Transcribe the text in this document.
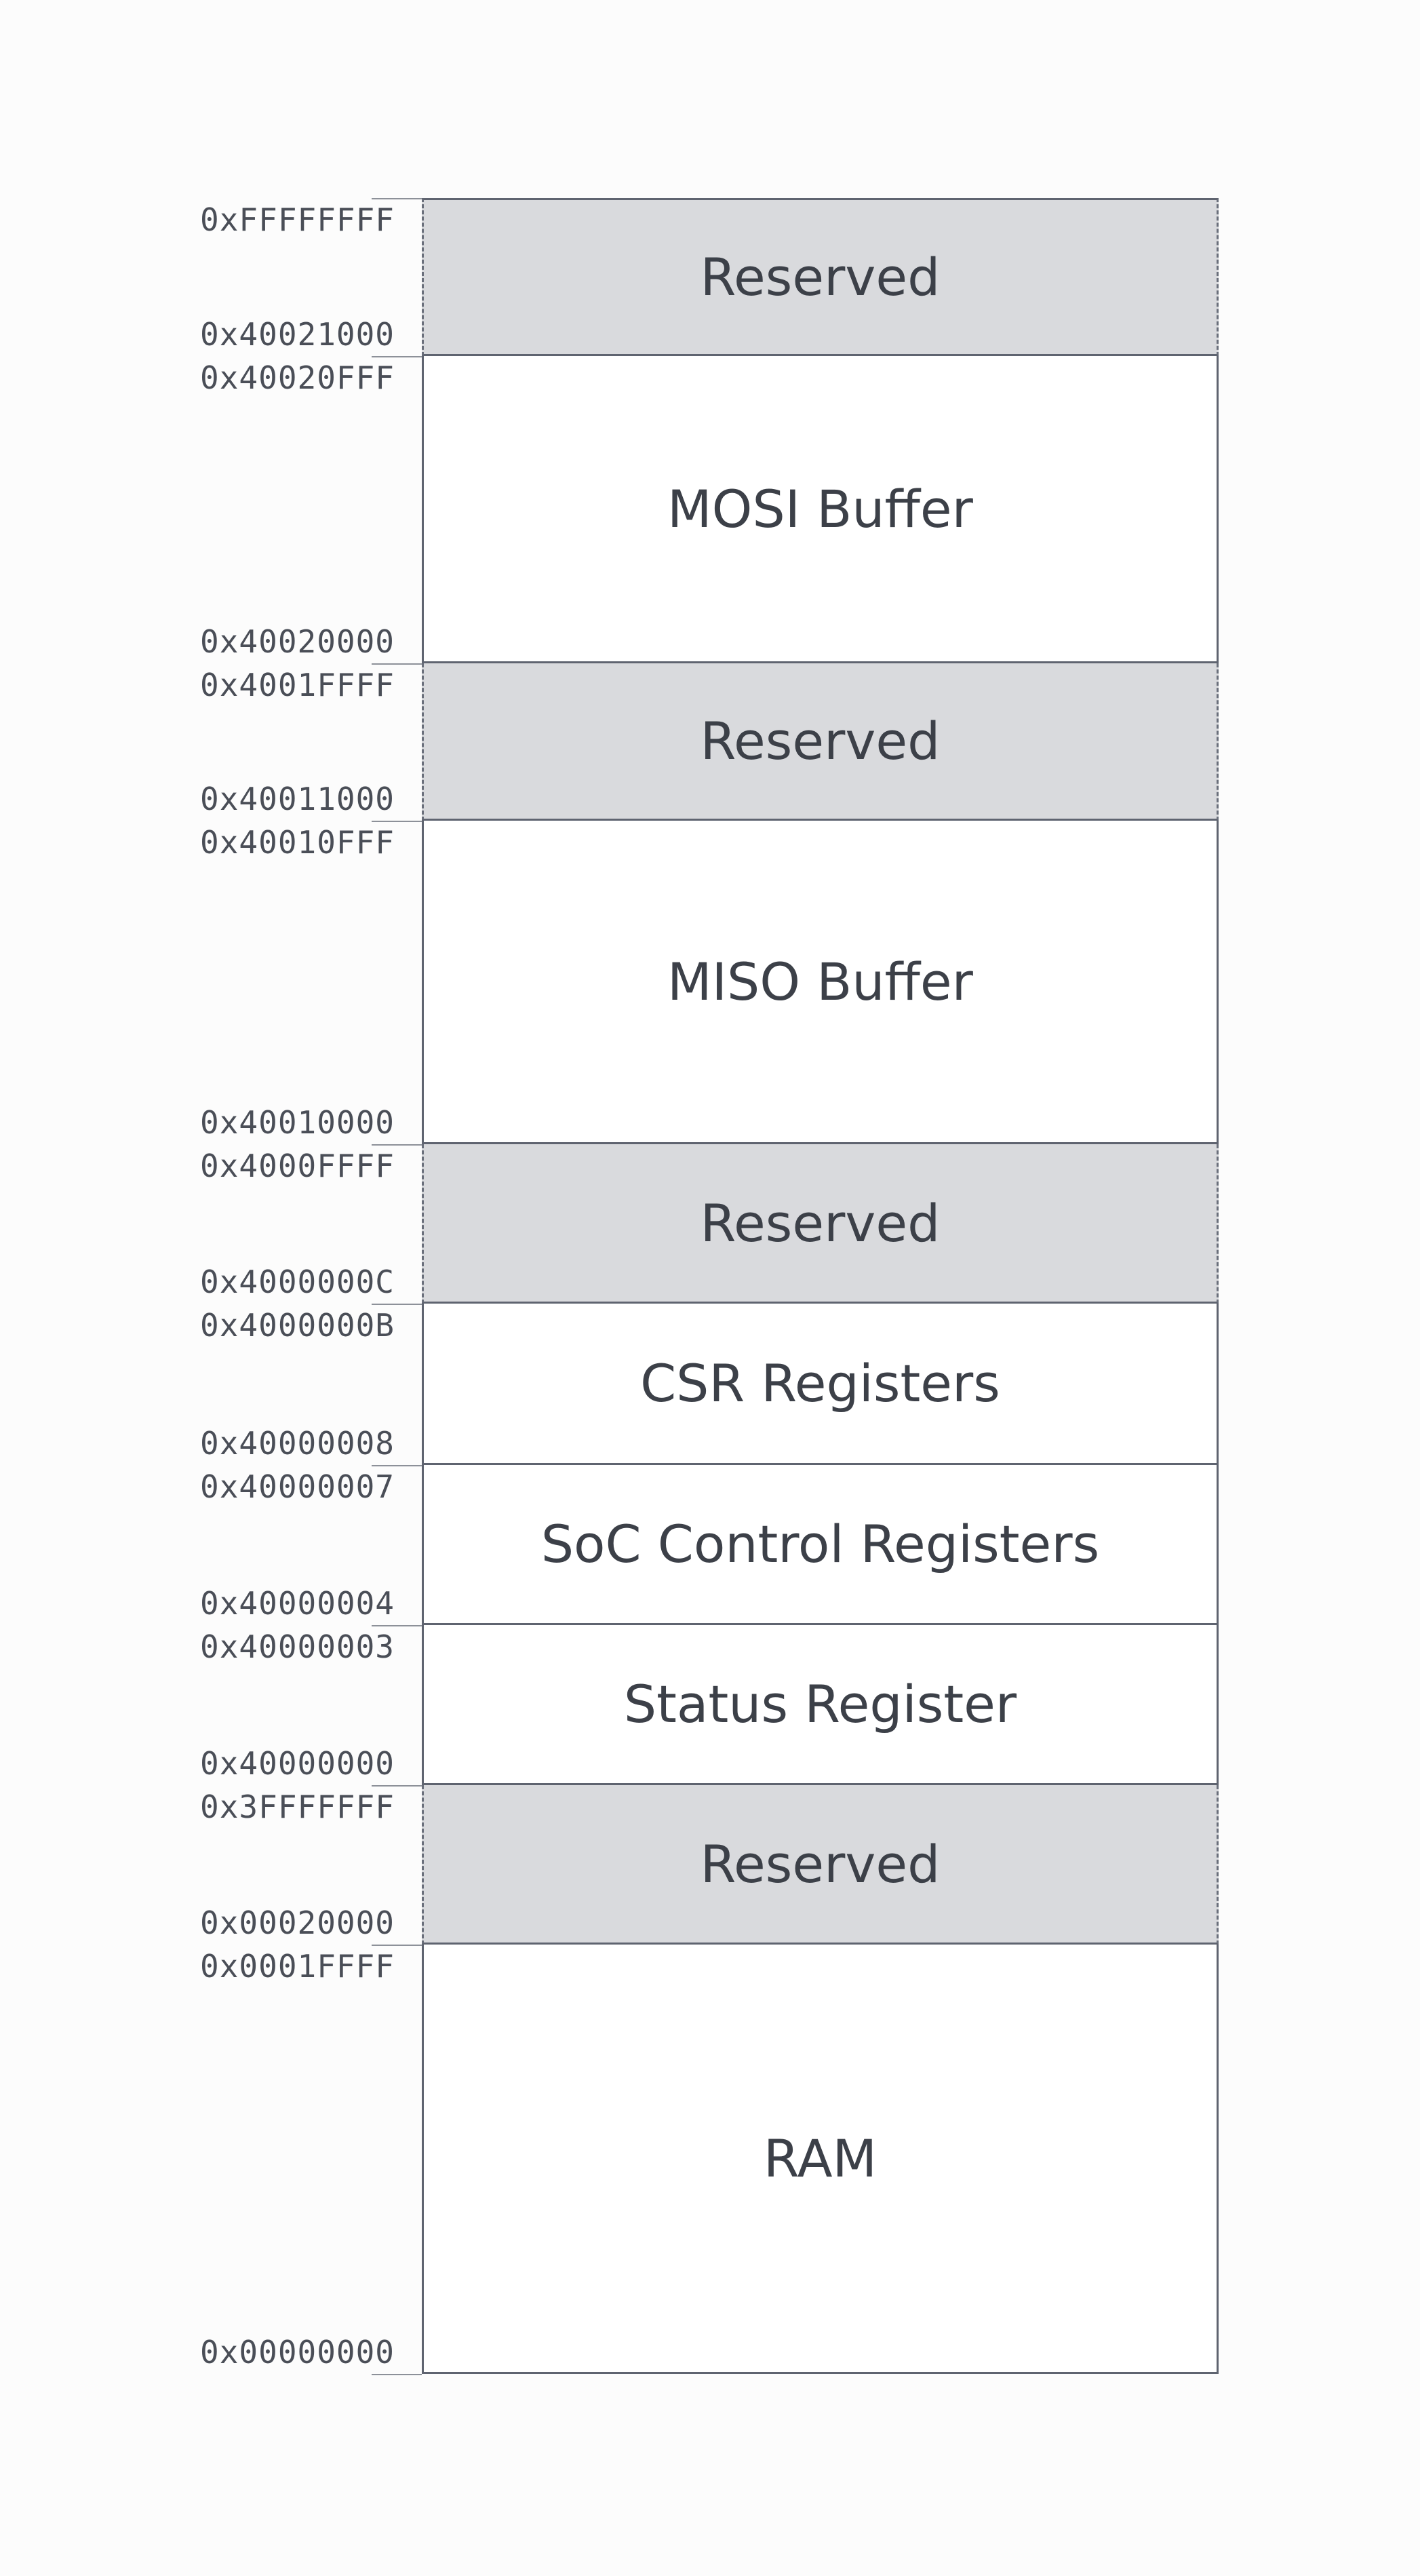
Reserved
0xFFFFFFFF
0x40021000
MOSI Buffer
0x40020FFF
0x40020000
Reserved
0x4001FFFF
0x40011000
MISO Buffer
0x40010FFF
0x40010000
Reserved
0x4000FFFF
0x4000000C
CSR Registers
0x4000000B
0x40000008
SoC Control Registers
0x40000007
0x40000004
Status Register
0x40000003
0x40000000
Reserved
0x3FFFFFFF
0x00020000
RAM
0x0001FFFF
0x00000000
